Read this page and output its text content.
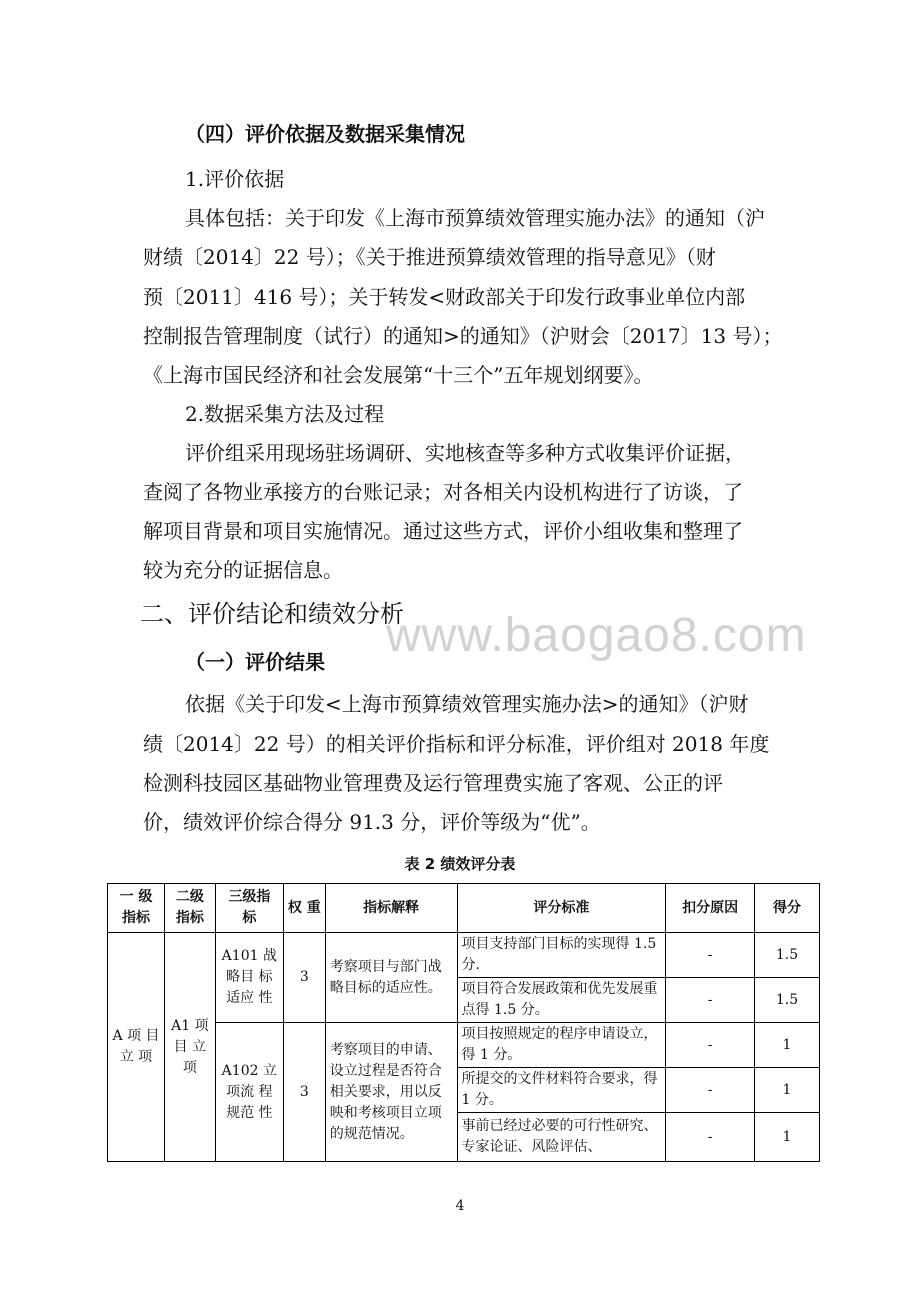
（四）评价依据及数据采集情况
1.评价依据
具体包括：关于印发《上海市预算绩效管理实施办法》的通知（沪
财绩〔2014〕22 号）；《关于推进预算绩效管理的指导意见》（财
预〔2011〕416 号）；关于转发<财政部关于印发行政事业单位内部
控制报告管理制度（试行）的通知>的通知》（沪财会〔2017〕13 号）；
《上海市国民经济和社会发展第“十三个”五年规划纲要》。
2.数据采集方法及过程
评价组采用现场驻场调研、实地核查等多种方式收集评价证据，
查阅了各物业承接方的台账记录；对各相关内设机构进行了访谈，了
解项目背景和项目实施情况。通过这些方式，评价小组收集和整理了
较为充分的证据信息。
二、评价结论和绩效分析
www.baogao8.com
（一）评价结果
依据《关于印发<上海市预算绩效管理实施办法>的通知》（沪财
绩〔2014〕22 号）的相关评价指标和评分标准，评价组对 2018 年度
检测科技园区基础物业管理费及运行管理费实施了客观、公正的评
价，绩效评价综合得分 91.3 分，评价等级为“优”。
表 2 绩效评分表
一 级 指标	二级 指标	三级指 标	权 重	指标解释	评分标准	扣分原因	得分
A 项 目立 项	A1 项目 立项	A101 战略目 标适应 性	3	考察项目与部门战略目标的适应性。	项目支持部门目标的实现得 1.5 分.	-	1.5
					项目符合发展政策和优先发展重点得 1.5 分。	-	1.5
		A102 立项流 程规范 性	3	考察项目的申请、设立过程是否符合相关要求，用以反映和考核项目立项的规范情况。	项目按照规定的程序申请设立，得 1 分。	-	1
					所提交的文件材料符合要求，得 1 分。	-	1
					事前已经过必要的可行性研究、专家论证、风险评估、	-	1
4
